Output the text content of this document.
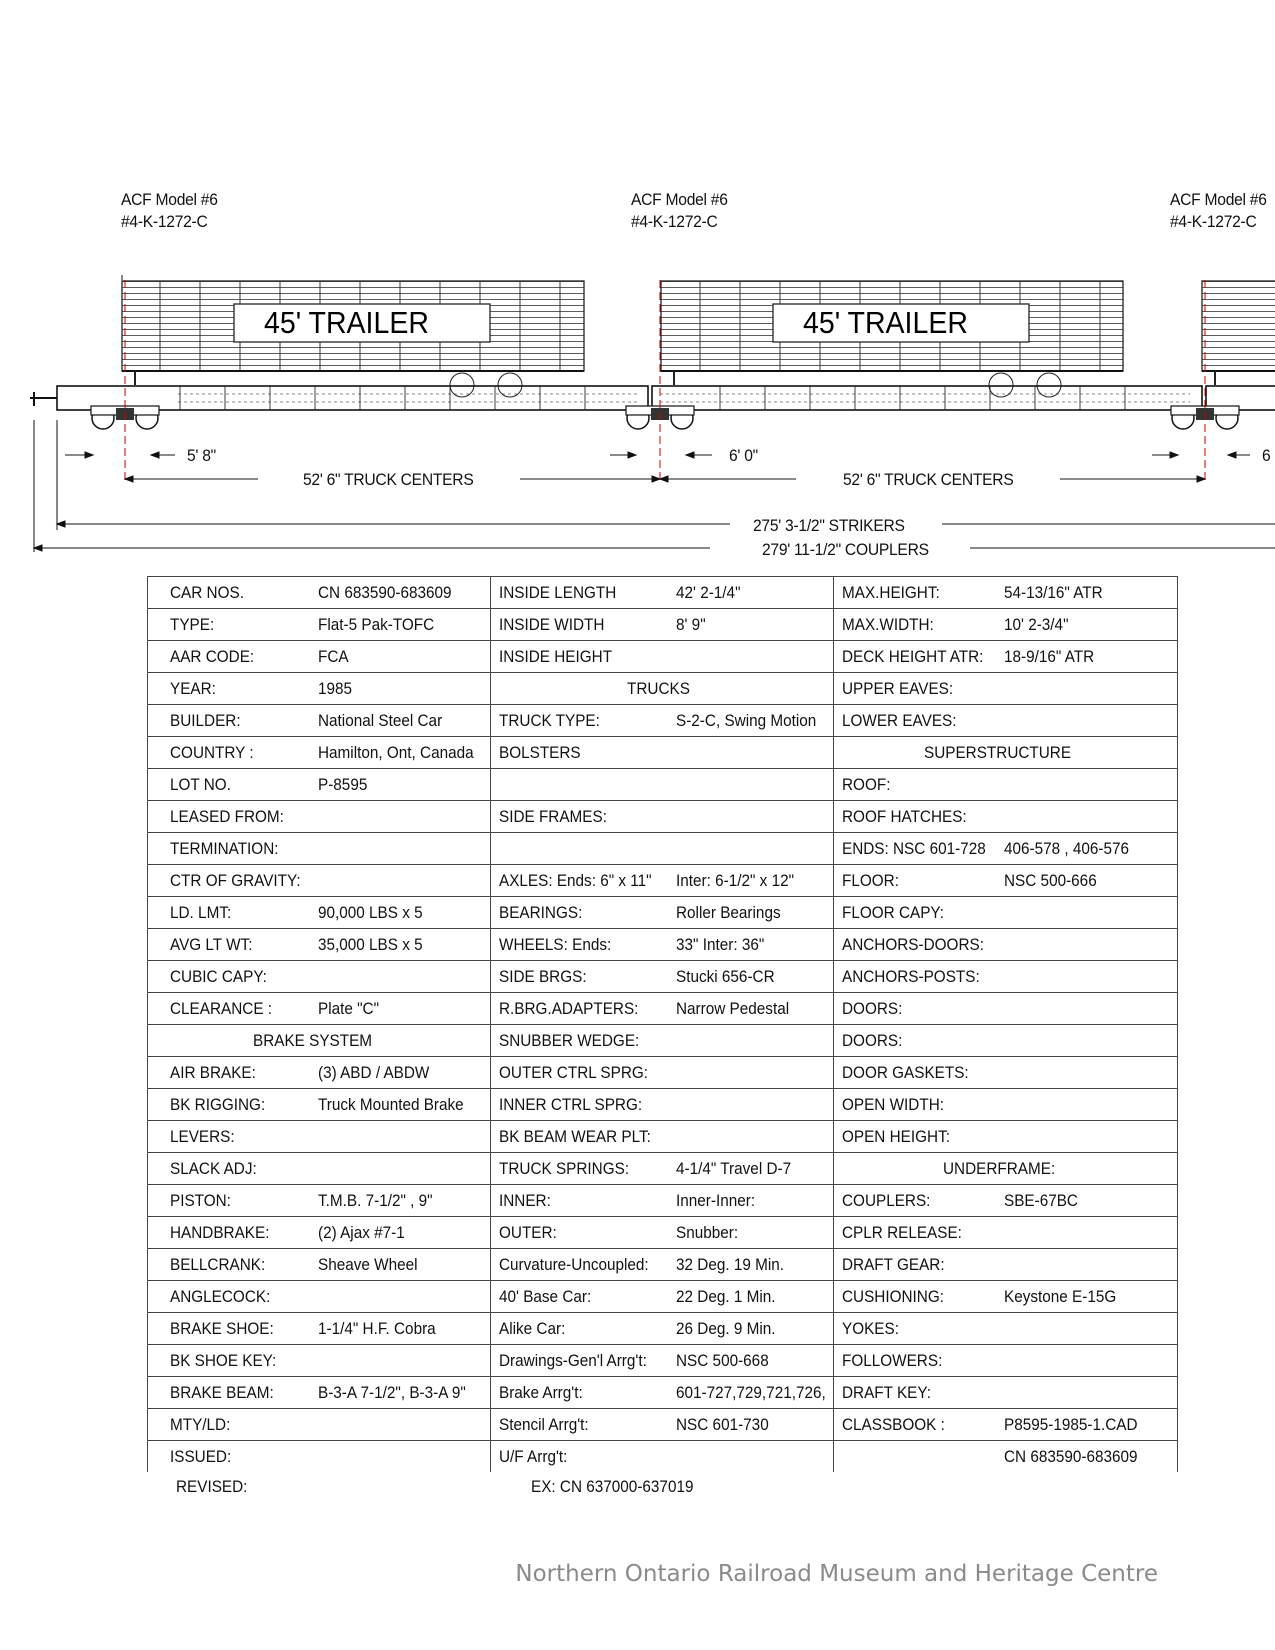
45' TRAILER	45' TRAILER
ACF Model #6
#4-K-1272-C
ACF Model #6
#4-K-1272-C
ACF Model #6
#4-K-1272-C
5' 8"	6' 0"	6
52' 6" TRUCK CENTERS	52' 6" TRUCK CENTERS
275' 3-1/2" STRIKERS
279' 11-1/2" COUPLERS
CAR NOS. CN 683590-683609	INSIDE LENGTH 42' 2-1/4"	MAX.HEIGHT: 54-13/16" ATR

TYPE: Flat-5 Pak-TOFC	INSIDE WIDTH 8' 9"	MAX.WIDTH: 10' 2-3/4"

AAR CODE: FCA	INSIDE HEIGHT	DECK HEIGHT ATR: 18-9/16" ATR

YEAR: 1985	TRUCKS	UPPER EAVES:

BUILDER: National Steel Car	TRUCK TYPE: S-2-C, Swing Motion	LOWER EAVES:

COUNTRY : Hamilton, Ont, Canada	BOLSTERS	SUPERSTRUCTURE

LOT NO. P-8595		ROOF:

LEASED FROM:	SIDE FRAMES:	ROOF HATCHES:

TERMINATION:		ENDS: NSC 601-728 406-578 , 406-576

CTR OF GRAVITY:	AXLES: Ends: 6" x 11" Inter: 6-1/2" x 12"	FLOOR: NSC 500-666

LD. LMT: 90,000 LBS x 5	BEARINGS: Roller Bearings	FLOOR CAPY:

AVG LT WT: 35,000 LBS x 5	WHEELS: Ends: 33" Inter: 36"	ANCHORS-DOORS:

CUBIC CAPY:	SIDE BRGS: Stucki 656-CR	ANCHORS-POSTS:

CLEARANCE : Plate "C"	R.BRG.ADAPTERS: Narrow Pedestal	DOORS:

BRAKE SYSTEM	SNUBBER WEDGE:	DOORS:

AIR BRAKE: (3) ABD / ABDW	OUTER CTRL SPRG:	DOOR GASKETS:

BK RIGGING: Truck Mounted Brake	INNER CTRL SPRG:	OPEN WIDTH:

LEVERS:	BK BEAM WEAR PLT:	OPEN HEIGHT:

SLACK ADJ:	TRUCK SPRINGS: 4-1/4" Travel D-7	UNDERFRAME:

PISTON: T.M.B. 7-1/2" , 9"	INNER: Inner-Inner:	COUPLERS: SBE-67BC

HANDBRAKE: (2) Ajax #7-1	OUTER: Snubber:	CPLR RELEASE:

BELLCRANK: Sheave Wheel	Curvature-Uncoupled: 32 Deg. 19 Min.	DRAFT GEAR:

ANGLECOCK:	40' Base Car: 22 Deg. 1 Min.	CUSHIONING: Keystone E-15G

BRAKE SHOE: 1-1/4" H.F. Cobra	Alike Car: 26 Deg. 9 Min.	YOKES:

BK SHOE KEY:	Drawings-Gen'l Arrg't: NSC 500-668	FOLLOWERS:

BRAKE BEAM: B-3-A 7-1/2", B-3-A 9"	Brake Arrg't: 601-727,729,721,726,	DRAFT KEY:

MTY/LD:	Stencil Arrg't: NSC 601-730	CLASSBOOK : P8595-1985-1.CAD

ISSUED:	U/F Arrg't:	CN 683590-683609
REVISED:	EX: CN 637000-637019
Northern Ontario Railroad Museum and Heritage Centre
